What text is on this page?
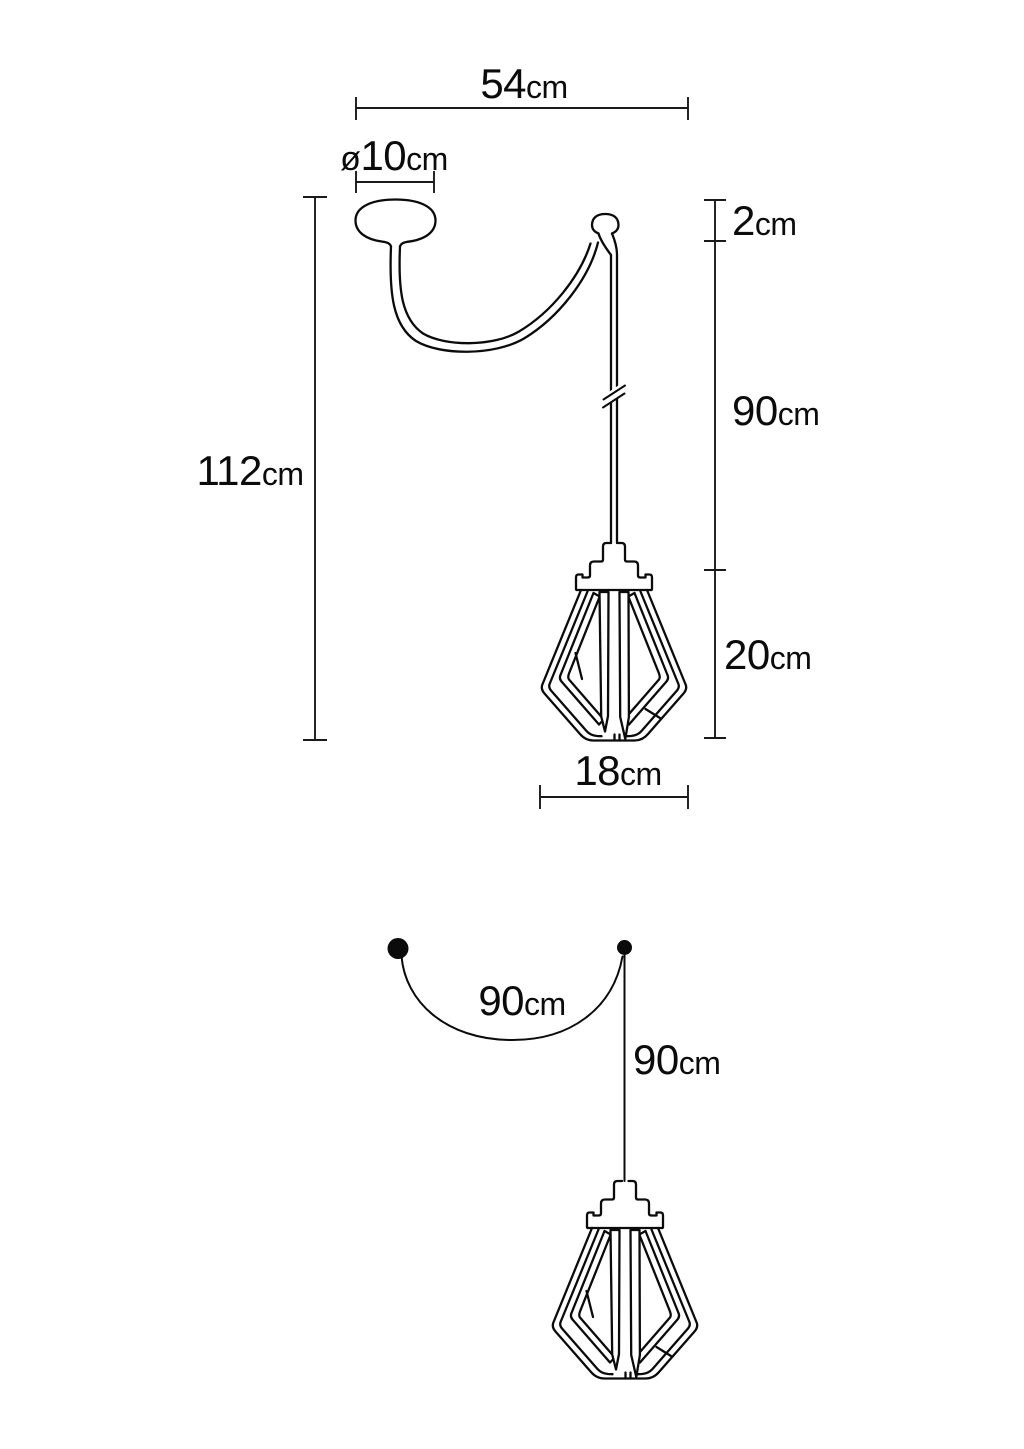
54cm
ø10cm
2cm
90cm
20cm
112cm
18cm
90cm
90cm
